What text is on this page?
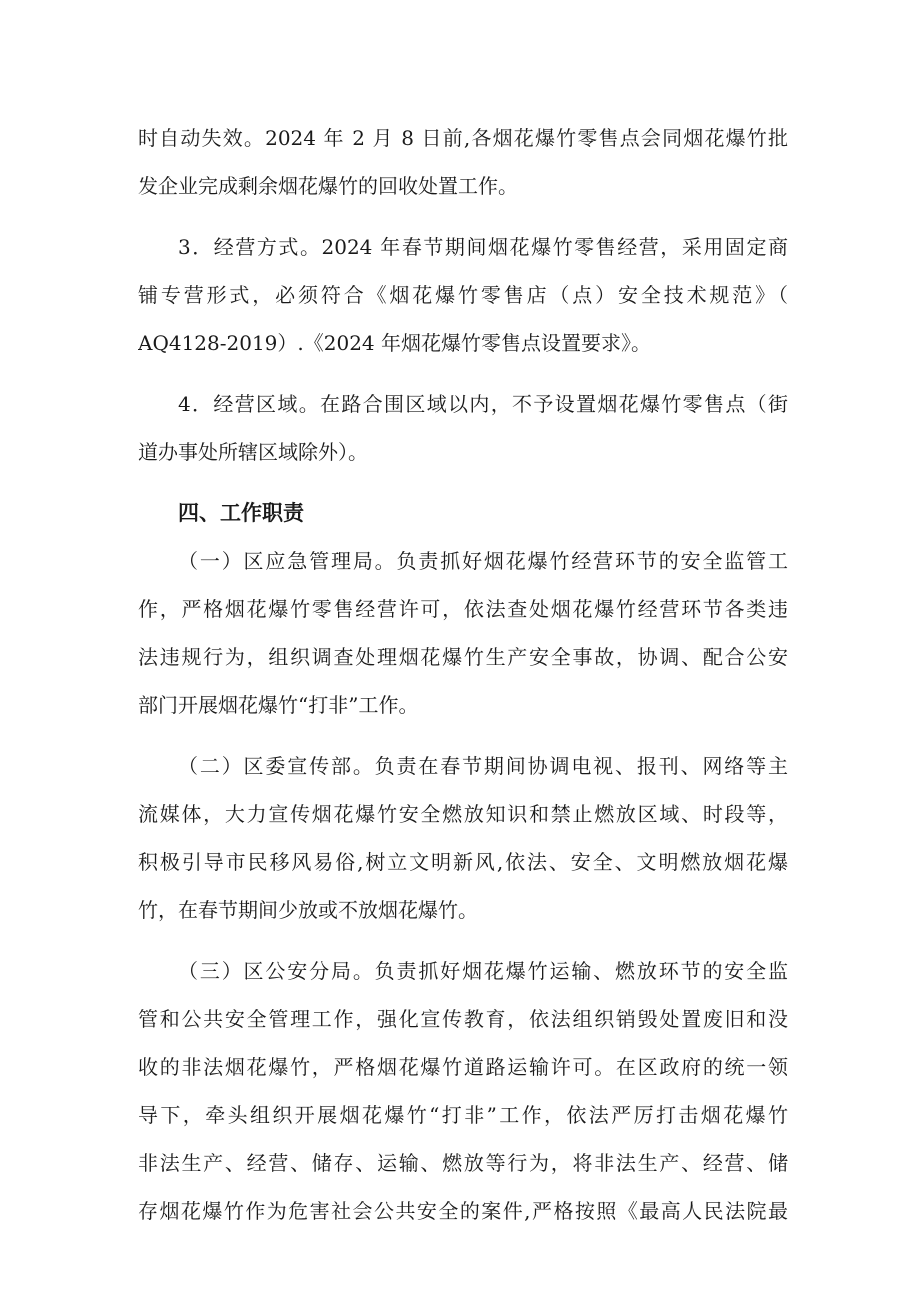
时自动失效。2024 年 2 月 8 日前,各烟花爆竹零售点会同烟花爆竹批
发企业完成剩余烟花爆竹的回收处置工作。
3．经营方式。2024 年春节期间烟花爆竹零售经营，采用固定商
铺专营形式，必须符合《烟花爆竹零售店（点）安全技术规范》（
AQ4128-2019）.《2024 年烟花爆竹零售点设置要求》。
4．经营区域。在路合围区域以内，不予设置烟花爆竹零售点（街
道办事处所辖区域除外）。
四、工作职责
（一）区应急管理局。负责抓好烟花爆竹经营环节的安全监管工
作，严格烟花爆竹零售经营许可，依法查处烟花爆竹经营环节各类违
法违规行为，组织调查处理烟花爆竹生产安全事故，协调、配合公安
部门开展烟花爆竹“打非”工作。
（二）区委宣传部。负责在春节期间协调电视、报刊、网络等主
流媒体，大力宣传烟花爆竹安全燃放知识和禁止燃放区域、时段等，
积极引导市民移风易俗,树立文明新风,依法、安全、文明燃放烟花爆
竹，在春节期间少放或不放烟花爆竹。
（三）区公安分局。负责抓好烟花爆竹运输、燃放环节的安全监
管和公共安全管理工作，强化宣传教育，依法组织销毁处置废旧和没
收的非法烟花爆竹，严格烟花爆竹道路运输许可。在区政府的统一领
导下，牵头组织开展烟花爆竹“打非”工作，依法严厉打击烟花爆竹
非法生产、经营、储存、运输、燃放等行为，将非法生产、经营、储
存烟花爆竹作为危害社会公共安全的案件,严格按照《最高人民法院最
